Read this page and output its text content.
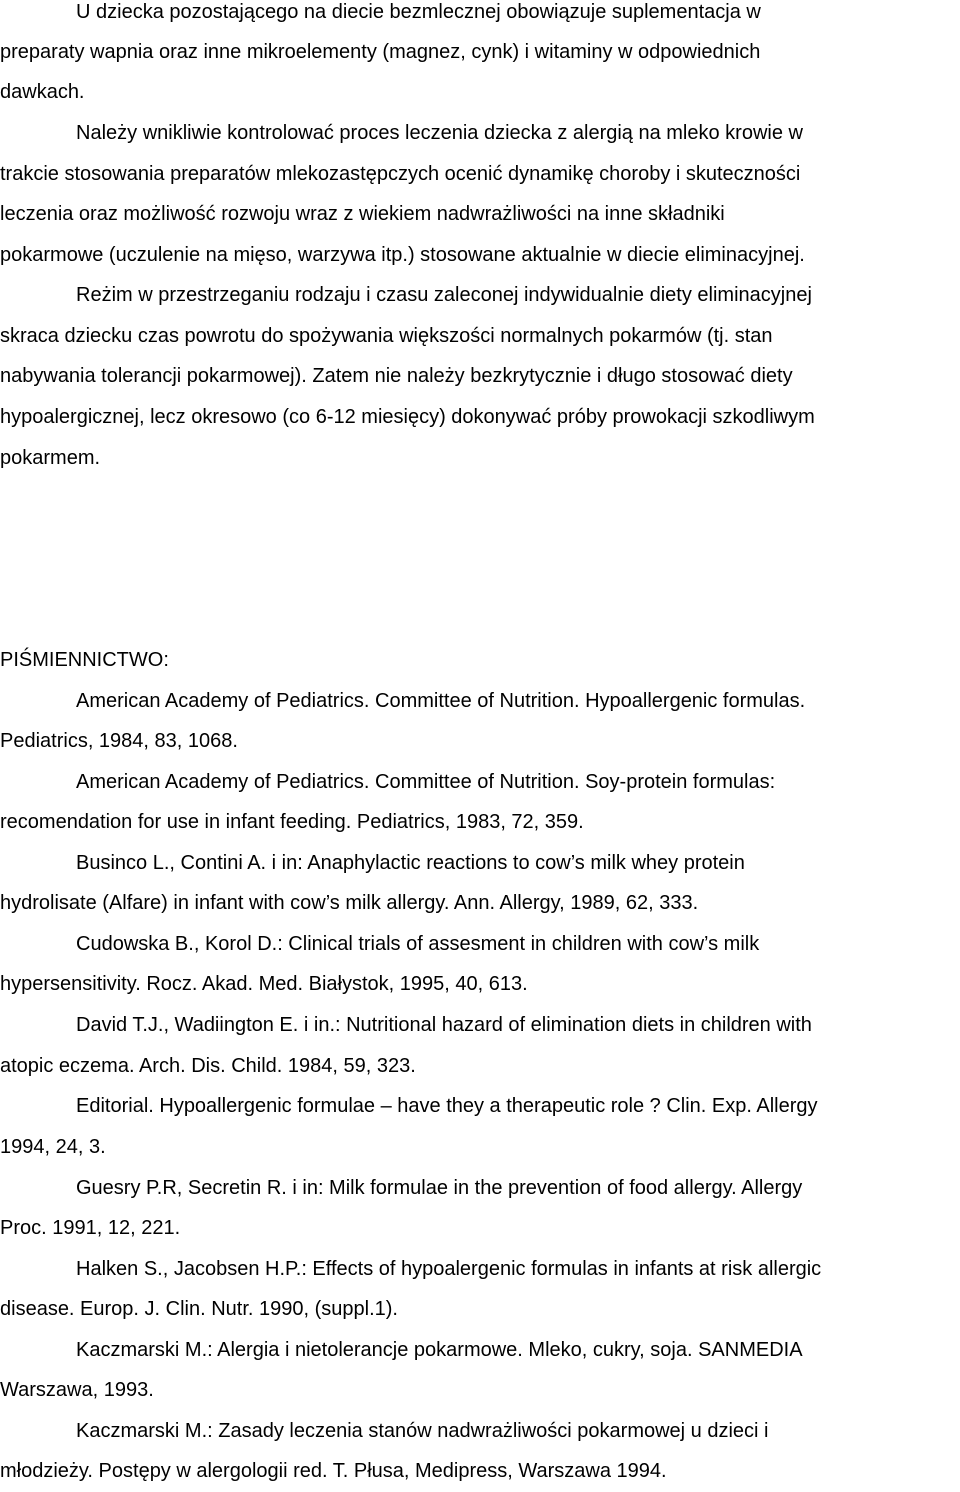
U dziecka pozostającego na diecie bezmlecznej obowiązuje suplementacja w

preparaty wapnia oraz inne mikroelementy (magnez, cynk) i witaminy w odpowiednich

dawkach.

Należy wnikliwie kontrolować proces leczenia dziecka z alergią na mleko krowie w

trakcie stosowania preparatów mlekozastępczych ocenić dynamikę choroby i skuteczności

leczenia oraz możliwość rozwoju wraz z wiekiem nadwrażliwości na inne składniki

pokarmowe (uczulenie na mięso, warzywa itp.) stosowane aktualnie w diecie eliminacyjnej.

Reżim w przestrzeganiu rodzaju i czasu zaleconej indywidualnie diety eliminacyjnej

skraca dziecku czas powrotu do spożywania większości normalnych pokarmów (tj. stan

nabywania tolerancji pokarmowej). Zatem nie należy bezkrytycznie i długo stosować diety

hypoalergicznej, lecz okresowo (co 6-12 miesięcy) dokonywać próby prowokacji szkodliwym

pokarmem.

PIŚMIENNICTWO:

American Academy of Pediatrics. Committee of Nutrition. Hypoallergenic formulas.

Pediatrics, 1984, 83, 1068.

American Academy of Pediatrics. Committee of Nutrition. Soy-protein formulas:

recomendation for use in infant feeding. Pediatrics, 1983, 72, 359.

Businco L., Contini A. i in: Anaphylactic reactions to cow’s milk whey protein

hydrolisate (Alfare) in infant with cow’s milk allergy. Ann. Allergy, 1989, 62, 333.

Cudowska B., Korol D.: Clinical trials of assesment in children with cow’s milk

hypersensitivity. Rocz. Akad. Med. Białystok, 1995, 40, 613.

David T.J., Wadiington E. i in.: Nutritional hazard of elimination diets in children with

atopic eczema. Arch. Dis. Child. 1984, 59, 323.

Editorial. Hypoallergenic formulae – have they a therapeutic role ? Clin. Exp. Allergy

1994, 24, 3.

Guesry P.R, Secretin R. i in: Milk formulae in the prevention of food allergy. Allergy

Proc. 1991, 12, 221.

Halken S., Jacobsen H.P.: Effects of hypoalergenic formulas in infants at risk allergic

disease. Europ. J. Clin. Nutr. 1990, (suppl.1).

Kaczmarski M.: Alergia i nietolerancje pokarmowe. Mleko, cukry, soja. SANMEDIA

Warszawa, 1993.

Kaczmarski M.: Zasady leczenia stanów nadwrażliwości pokarmowej u dzieci i

młodzieży. Postępy w alergologii red. T. Płusa, Medipress, Warszawa 1994.
